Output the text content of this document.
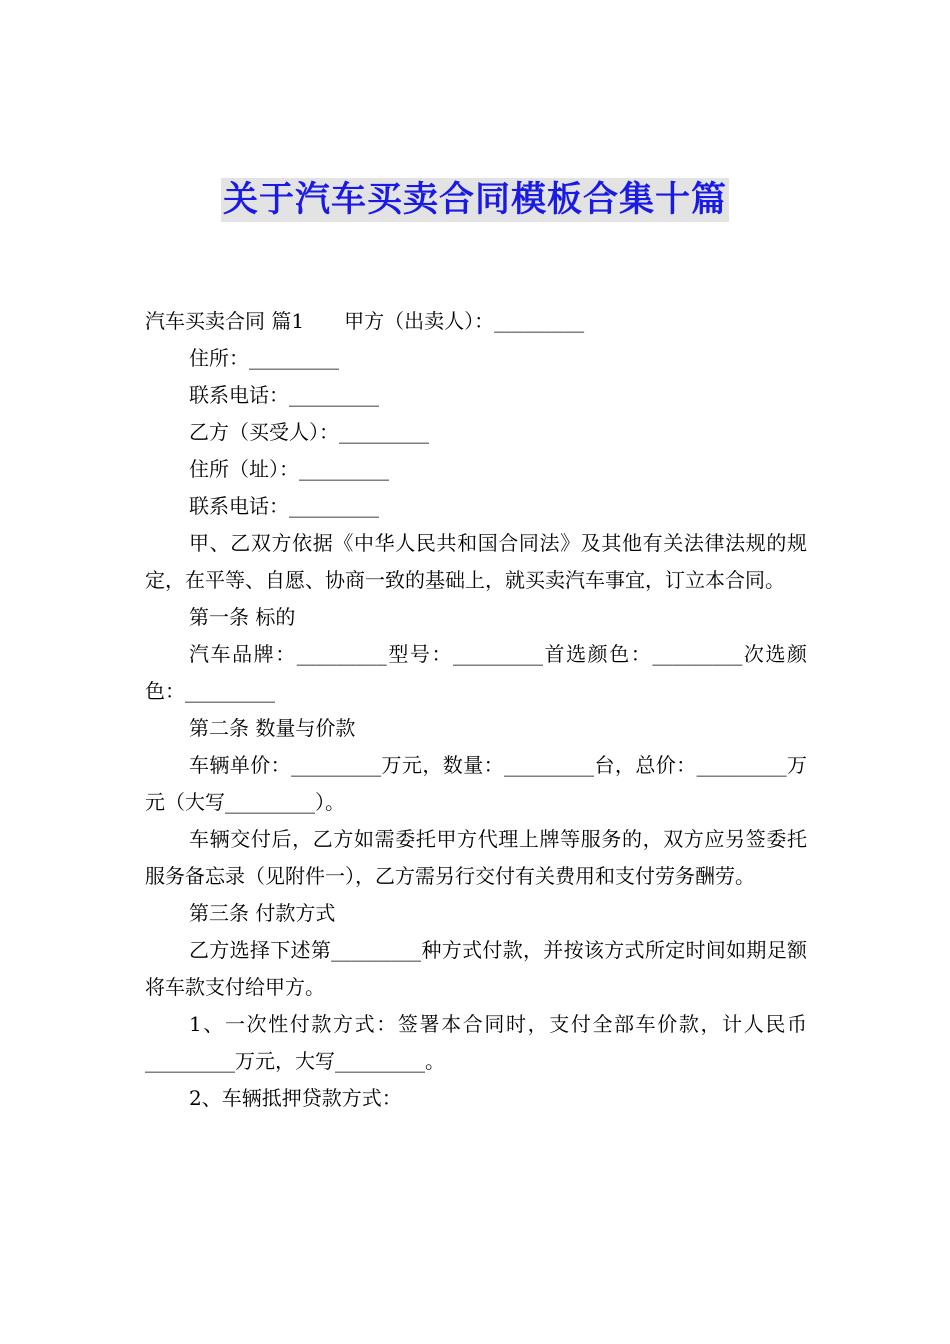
关于汽车买卖合同模板合集十篇

汽车买卖合同 篇1　　甲方（出卖人）：_________

住所：_________

联系电话：_________

乙方（买受人）：_________

住所（址）：_________

联系电话：_________

甲、乙双方依据《中华人民共和国合同法》及其他有关法律法规的规定，在平等、自愿、协商一致的基础上，就买卖汽车事宜，订立本合同。

第一条 标的

汽车品牌：_________型号：_________首选颜色：_________次选颜色：_________

第二条 数量与价款

车辆单价：_________万元，数量：_________台，总价：_________万元（大写_________）。

车辆交付后，乙方如需委托甲方代理上牌等服务的，双方应另签委托服务备忘录（见附件一），乙方需另行交付有关费用和支付劳务酬劳。

第三条 付款方式

乙方选择下述第_________种方式付款，并按该方式所定时间如期足额将车款支付给甲方。

1、一次性付款方式：签署本合同时，支付全部车价款，计人民币_________万元，大写_________。

2、车辆抵押贷款方式：
